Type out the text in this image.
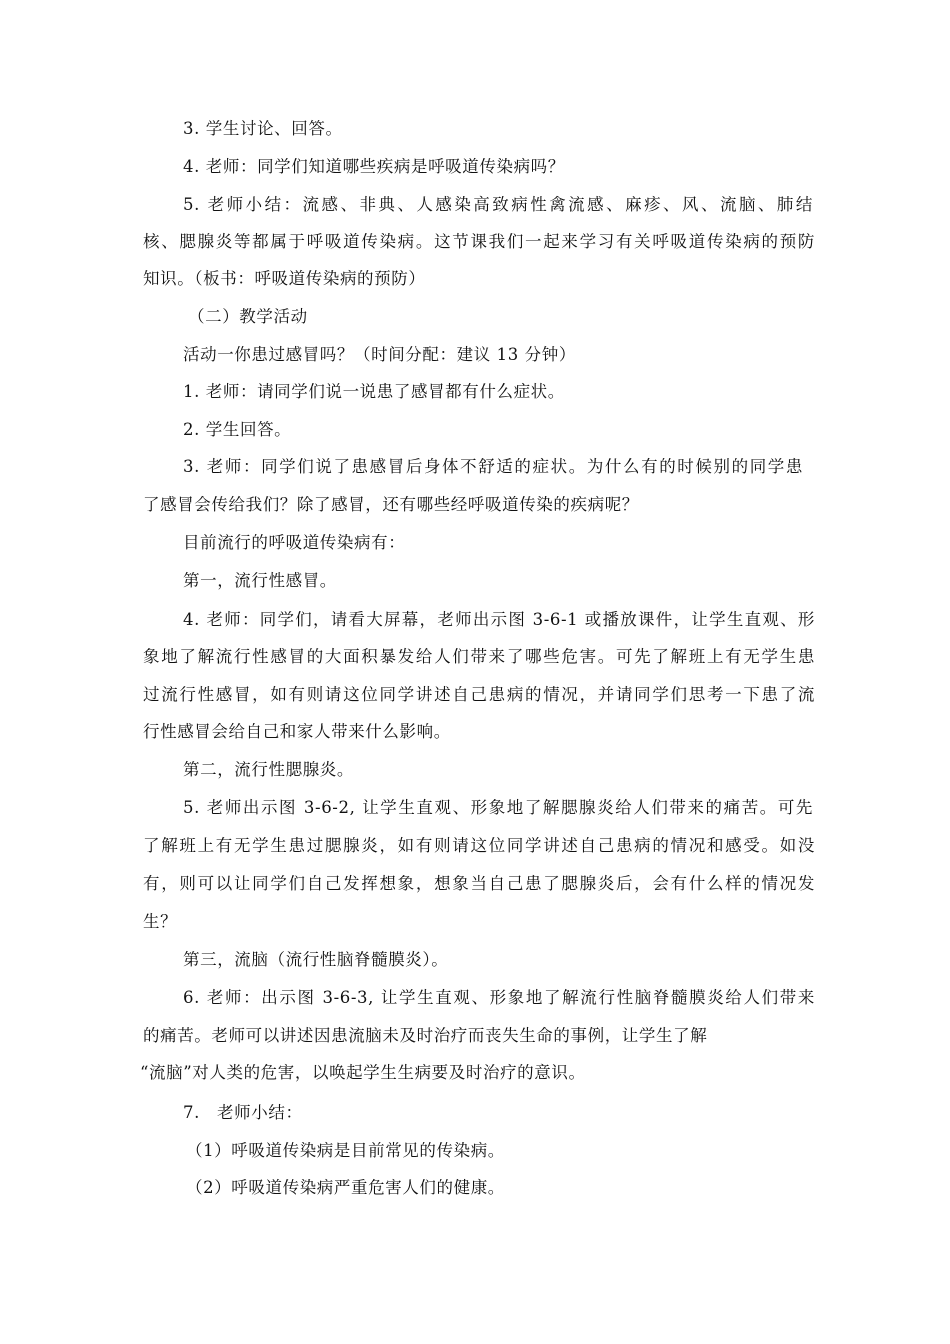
3. 学生讨论、回答。
4. 老师：同学们知道哪些疾病是呼吸道传染病吗？
5. 老师小结：流感、非典、人感染高致病性禽流感、麻疹、风、流脑、肺结
核、腮腺炎等都属于呼吸道传染病。这节课我们一起来学习有关呼吸道传染病的预防
知识。（板书：呼吸道传染病的预防）
（二）教学活动
活动一你患过感冒吗？（时间分配：建议 13 分钟）
1. 老师：请同学们说一说患了感冒都有什么症状。
2. 学生回答。
3. 老师：同学们说了患感冒后身体不舒适的症状。为什么有的时候别的同学患
了感冒会传给我们？除了感冒，还有哪些经呼吸道传染的疾病呢？
目前流行的呼吸道传染病有：
第一，流行性感冒。
4. 老师：同学们，请看大屏幕，老师出示图 3-6-1 或播放课件，让学生直观、形
象地了解流行性感冒的大面积暴发给人们带来了哪些危害。可先了解班上有无学生患
过流行性感冒，如有则请这位同学讲述自己患病的情况，并请同学们思考一下患了流
行性感冒会给自己和家人带来什么影响。
第二，流行性腮腺炎。
5. 老师出示图 3-6-2, 让学生直观、形象地了解腮腺炎给人们带来的痛苦。可先
了解班上有无学生患过腮腺炎，如有则请这位同学讲述自己患病的情况和感受。如没
有，则可以让同学们自己发挥想象，想象当自己患了腮腺炎后，会有什么样的情况发
生？
第三，流脑（流行性脑脊髓膜炎）。
6. 老师：出示图 3-6-3, 让学生直观、形象地了解流行性脑脊髓膜炎给人们带来
的痛苦。老师可以讲述因患流脑未及时治疗而丧失生命的事例，让学生了解
“流脑”对人类的危害，以唤起学生生病要及时治疗的意识。
7.　老师小结：
（1）呼吸道传染病是目前常见的传染病。
（2）呼吸道传染病严重危害人们的健康。
